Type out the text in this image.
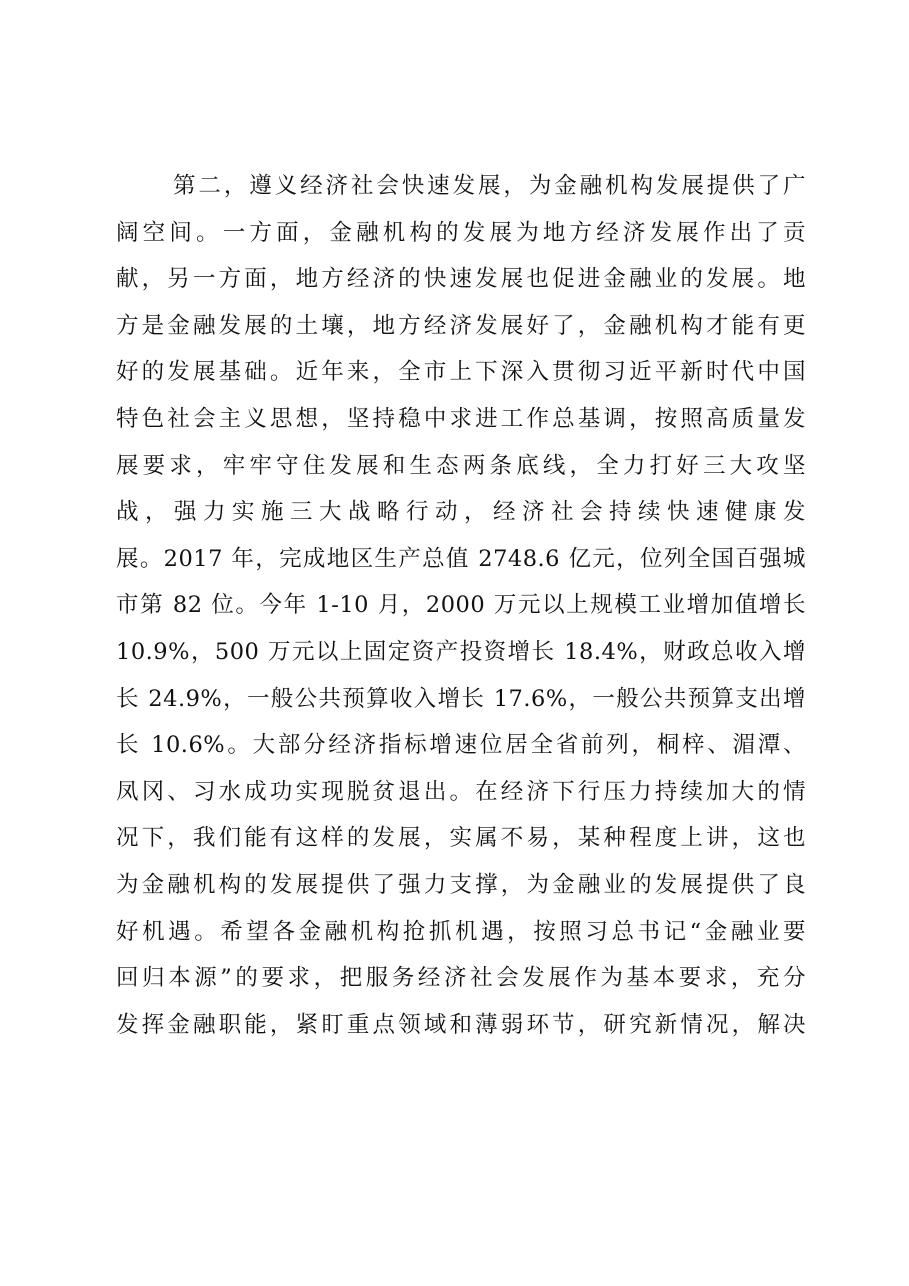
第二，遵义经济社会快速发展，为金融机构发展提供了广
阔空间。一方面，金融机构的发展为地方经济发展作出了贡
献，另一方面，地方经济的快速发展也促进金融业的发展。地
方是金融发展的土壤，地方经济发展好了，金融机构才能有更
好的发展基础。近年来，全市上下深入贯彻习近平新时代中国
特色社会主义思想，坚持稳中求进工作总基调，按照高质量发
展要求，牢牢守住发展和生态两条底线，全力打好三大攻坚
战，强力实施三大战略行动，经济社会持续快速健康发
展。2017 年，完成地区生产总值 2748.6 亿元，位列全国百强城
市第 82 位。今年 1-10 月，2000 万元以上规模工业增加值增长
10.9%，500 万元以上固定资产投资增长 18.4%，财政总收入增
长 24.9%，一般公共预算收入增长 17.6%，一般公共预算支出增
长 10.6%。大部分经济指标增速位居全省前列，桐梓、湄潭、
凤冈、习水成功实现脱贫退出。在经济下行压力持续加大的情
况下，我们能有这样的发展，实属不易，某种程度上讲，这也
为金融机构的发展提供了强力支撑，为金融业的发展提供了良
好机遇。希望各金融机构抢抓机遇，按照习总书记“金融业要
回归本源”的要求，把服务经济社会发展作为基本要求，充分
发挥金融职能，紧盯重点领域和薄弱环节，研究新情况，解决
